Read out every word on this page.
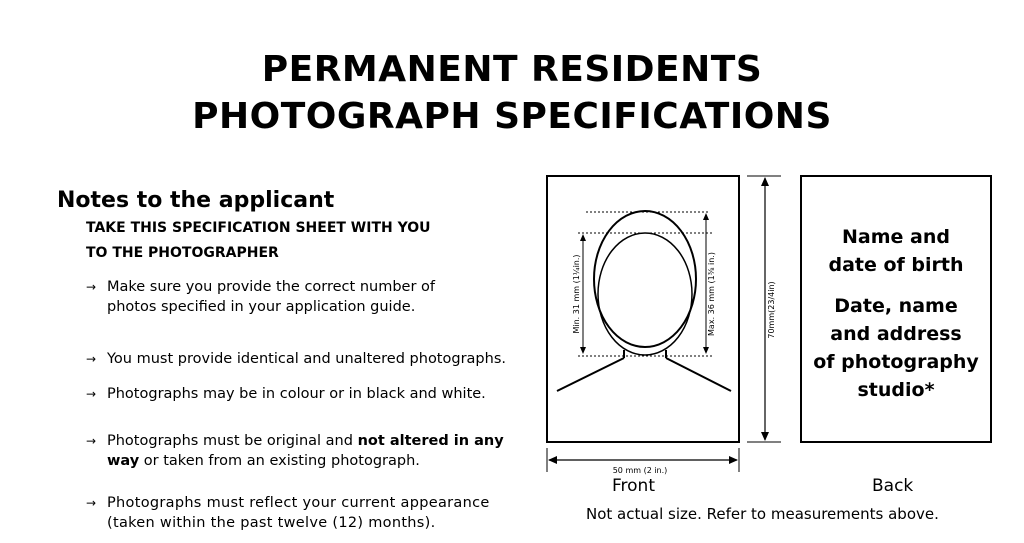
PERMANENT RESIDENTS
PHOTOGRAPH SPECIFICATIONS
Notes to the applicant
TAKE THIS SPECIFICATION SHEET WITH YOU
TO THE PHOTOGRAPHER
→ Make sure you provide the correct number of photos specified in your application guide.
→ You must provide identical and unaltered photographs.
→ Photographs may be in colour or in black and white.
→ Photographs must be original and not altered in any way or taken from an existing photograph.
→ Photographs must reflect your current appearance (taken within the past twelve (12) months).
Min. 31 mm (1¼in.)	Max. 36 mm (1⅜ in.)	70mm(23/4in)
50 mm (2 in.)
Name and
date of birth
Date, name
and address
of photography
studio*
Front	Back
Not actual size. Refer to measurements above.
